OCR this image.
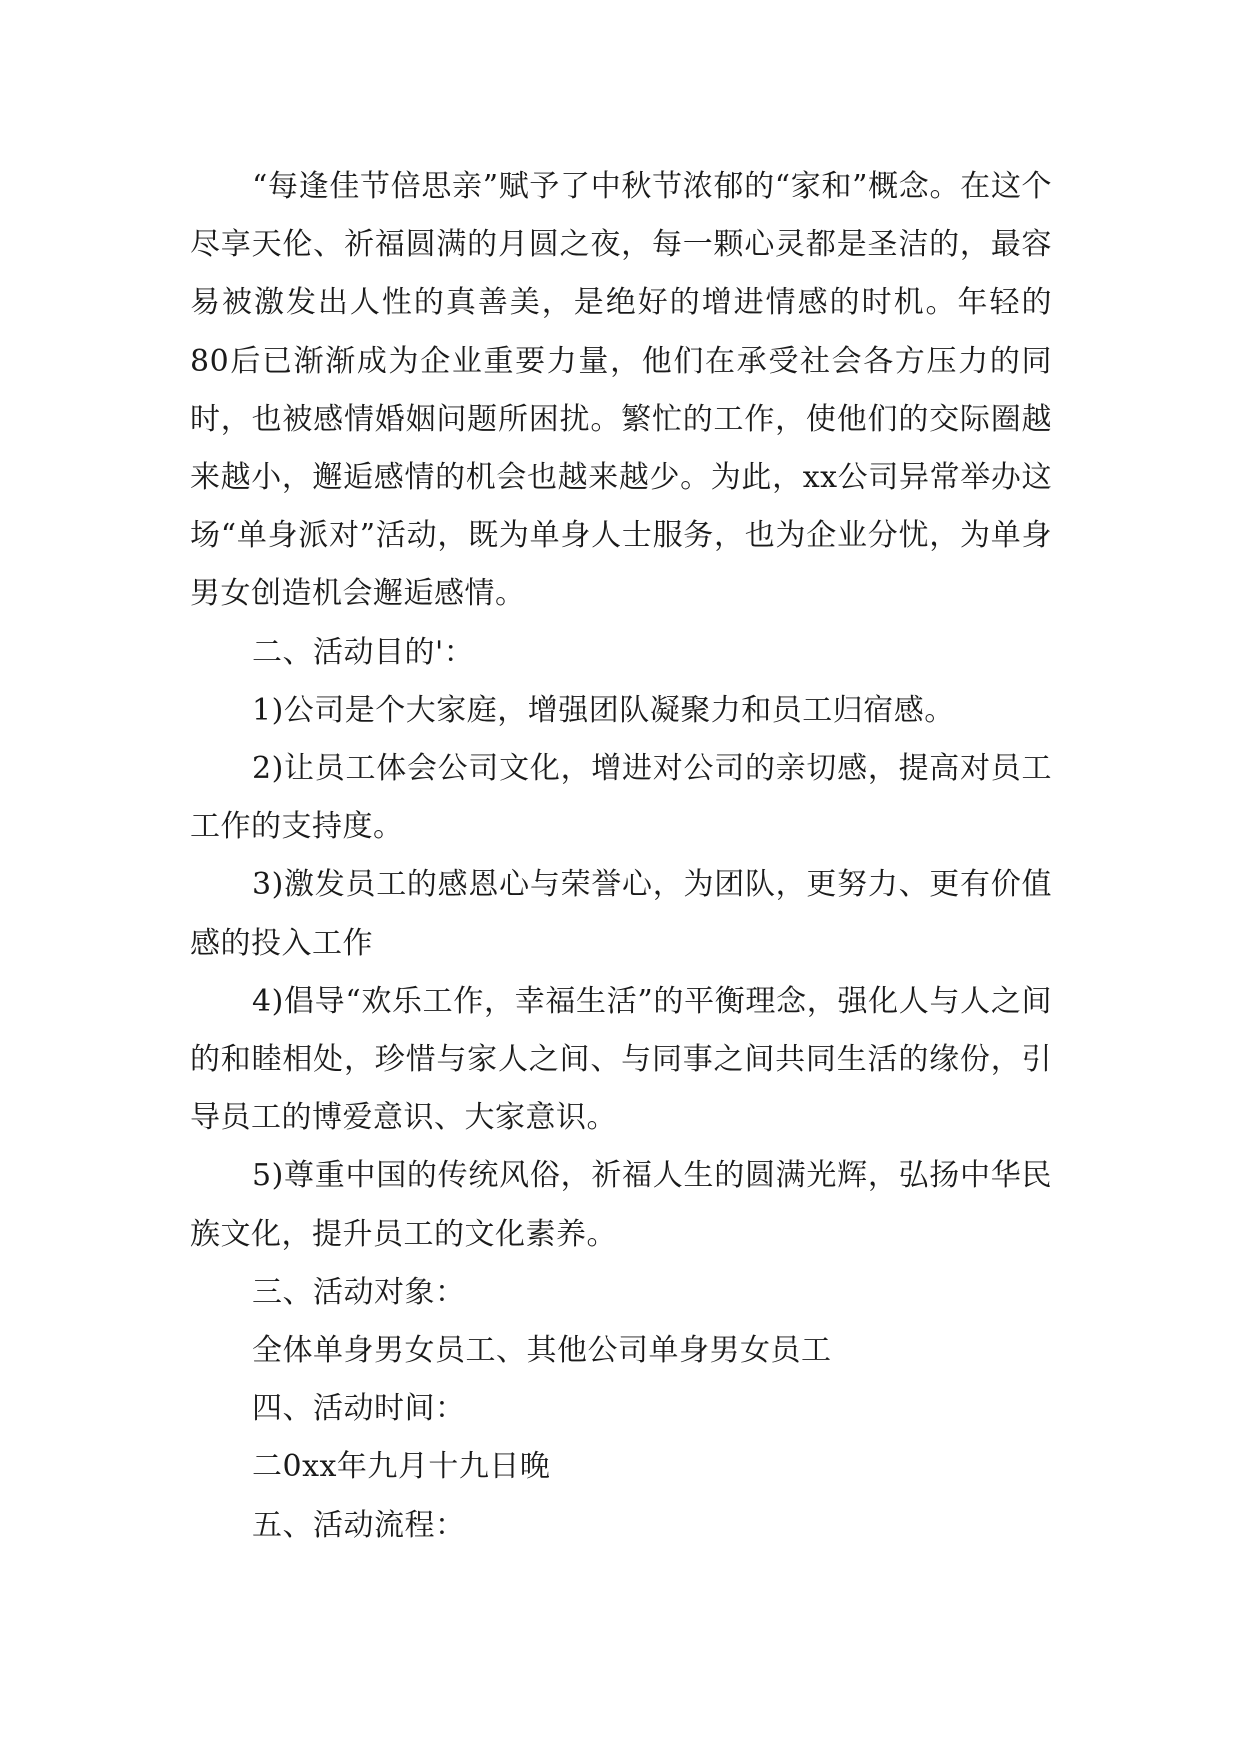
“每逢佳节倍思亲”赋予了中秋节浓郁的“家和”概念。在这个尽享天伦、祈福圆满的月圆之夜，每一颗心灵都是圣洁的，最容易被激发出人性的真善美，是绝好的增进情感的时机。年轻的80后已渐渐成为企业重要力量，他们在承受社会各方压力的同时，也被感情婚姻问题所困扰。繁忙的工作，使他们的交际圈越来越小，邂逅感情的机会也越来越少。为此，xx公司异常举办这场“单身派对”活动，既为单身人士服务，也为企业分忧，为单身男女创造机会邂逅感情。

二、活动目的'：

1)公司是个大家庭，增强团队凝聚力和员工归宿感。

2)让员工体会公司文化，增进对公司的亲切感，提高对员工工作的支持度。

3)激发员工的感恩心与荣誉心，为团队，更努力、更有价值感的投入工作

4)倡导“欢乐工作，幸福生活”的平衡理念，强化人与人之间的和睦相处，珍惜与家人之间、与同事之间共同生活的缘份，引导员工的博爱意识、大家意识。

5)尊重中国的传统风俗，祈福人生的圆满光辉，弘扬中华民族文化，提升员工的文化素养。

三、活动对象：

全体单身男女员工、其他公司单身男女员工

四、活动时间：

二0xx年九月十九日晚

五、活动流程：
